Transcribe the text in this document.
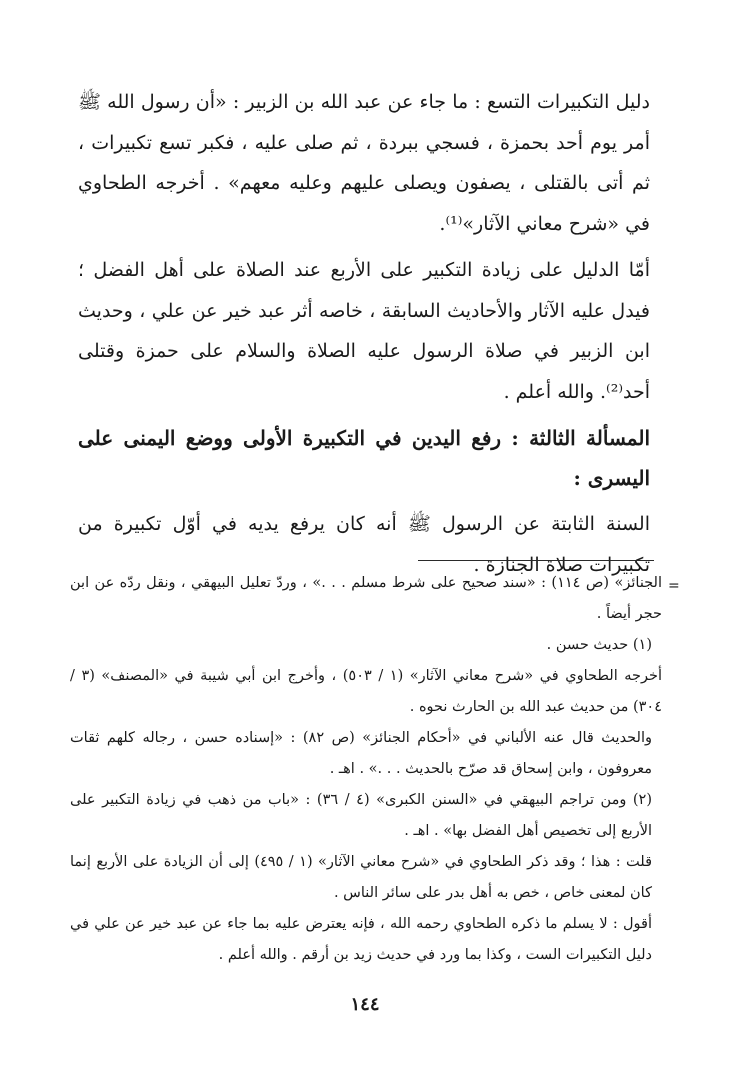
دليل التكبيرات التسع : ما جاء عن عبد الله بن الزبير : «أن رسول الله ﷺ أمر يوم أحد بحمزة ، فسجي ببردة ، ثم صلى عليه ، فكبر تسع تكبيرات ، ثم أتى بالقتلى ، يصفون ويصلى عليهم وعليه معهم» . أخرجه الطحاوي في «شرح معاني الآثار»⁽¹⁾.

أمّا الدليل على زيادة التكبير على الأربع عند الصلاة على أهل الفضل ؛ فيدل عليه الآثار والأحاديث السابقة ، خاصه أثر عبد خير عن علي ، وحديث ابن الزبير في صلاة الرسول عليه الصلاة والسلام على حمزة وقتلى أحد⁽²⁾. والله أعلم .

المسألة الثالثة : رفع اليدين في التكبيرة الأولى ووضع اليمنى على اليسرى :

السنة الثابتة عن الرسول ﷺ أنه كان يرفع يديه في أوّل تكبيرة من تكبيرات صلاة الجنازة .

=

الجنائز» (ص ١١٤) : «سند صحيح على شرط مسلم . . .» ، وردّ تعليل البيهقي ، ونقل ردّه عن ابن حجر أيضاً .

(١) حديث حسن .

أخرجه الطحاوي في «شرح معاني الآثار» (١ / ٥٠٣) ، وأخرج ابن أبي شيبة في «المصنف» (٣ / ٣٠٤) من حديث عبد الله بن الحارث نحوه .

والحديث قال عنه الألباني في «أحكام الجنائز» (ص ٨٢) : «إسناده حسن ، رجاله كلهم ثقات معروفون ، وابن إسحاق قد صرّح بالحديث . . .» . اهـ .

(٢) ومن تراجم البيهقي في «السنن الكبرى» (٤ / ٣٦) : «باب من ذهب في زيادة التكبير على الأربع إلى تخصيص أهل الفضل بها» . اهـ .

قلت : هذا ؛ وقد ذكر الطحاوي في «شرح معاني الآثار» (١ / ٤٩٥) إلى أن الزيادة على الأربع إنما كان لمعنى خاص ، خص به أهل بدر على سائر الناس .

أقول : لا يسلم ما ذكره الطحاوي رحمه الله ، فإنه يعترض عليه بما جاء عن عبد خير عن علي في دليل التكبيرات الست ، وكذا بما ورد في حديث زيد بن أرقم . والله أعلم .

١٤٤
